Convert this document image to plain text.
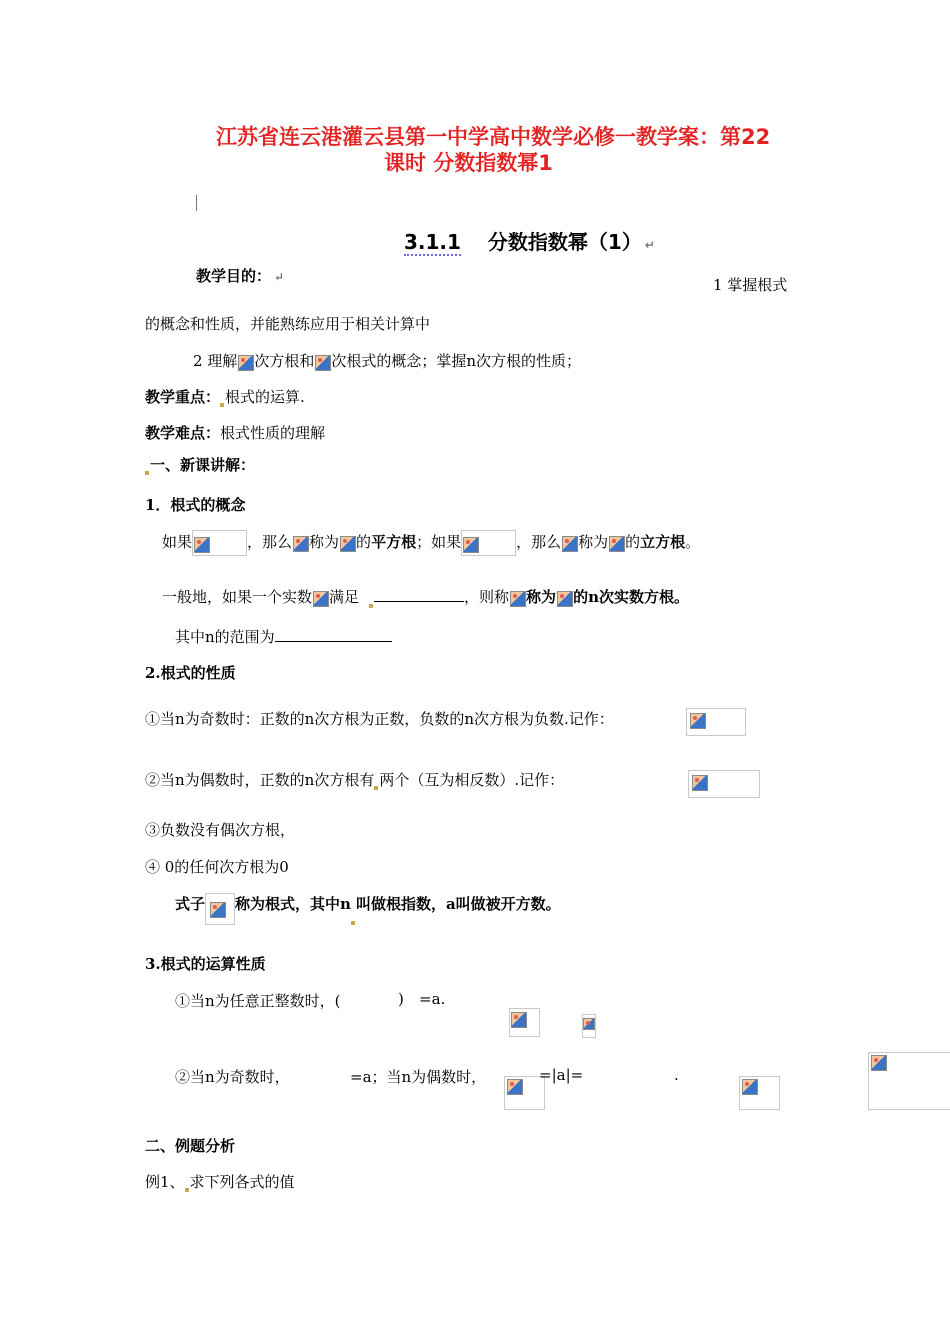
江苏省连云港灌云县第一中学高中数学必修一教学案：第22
课时 分数指数幂1
3.1.1 分数指数幂（1） ↵
教学目的： ↵	1 掌握根式
的概念和性质，并能熟练应用于相关计算中
2 理解 次方根和 次根式的概念；掌握n次方根的性质；
教学重点： 根式的运算.
教学难点：根式性质的理解
一、新课讲解：
1．根式的概念
如果	，那么 称为 的平方根；如果	，那么 称为 的立方根。
一般地，如果一个实数 满足	，则称 称为 的n次实数方根。
其中n的范围为
2.根式的性质
①当n为奇数时：正数的n次方根为正数，负数的n次方根为负数.记作：

②当n为偶数时，正数的n次方根有 两个（互为相反数）.记作：

③负数没有偶次方根，
④ 0的任何次方根为0
式子 称为根式，其中n 叫做根指数，a叫做被开方数。
3.根式的运算性质
①当n为任意正整数时，(
	)
=a.
②当n为奇数时，
	=a；当n为偶数时，
	=|a|=	.
二、例题分析
例1、 求下列各式的值
